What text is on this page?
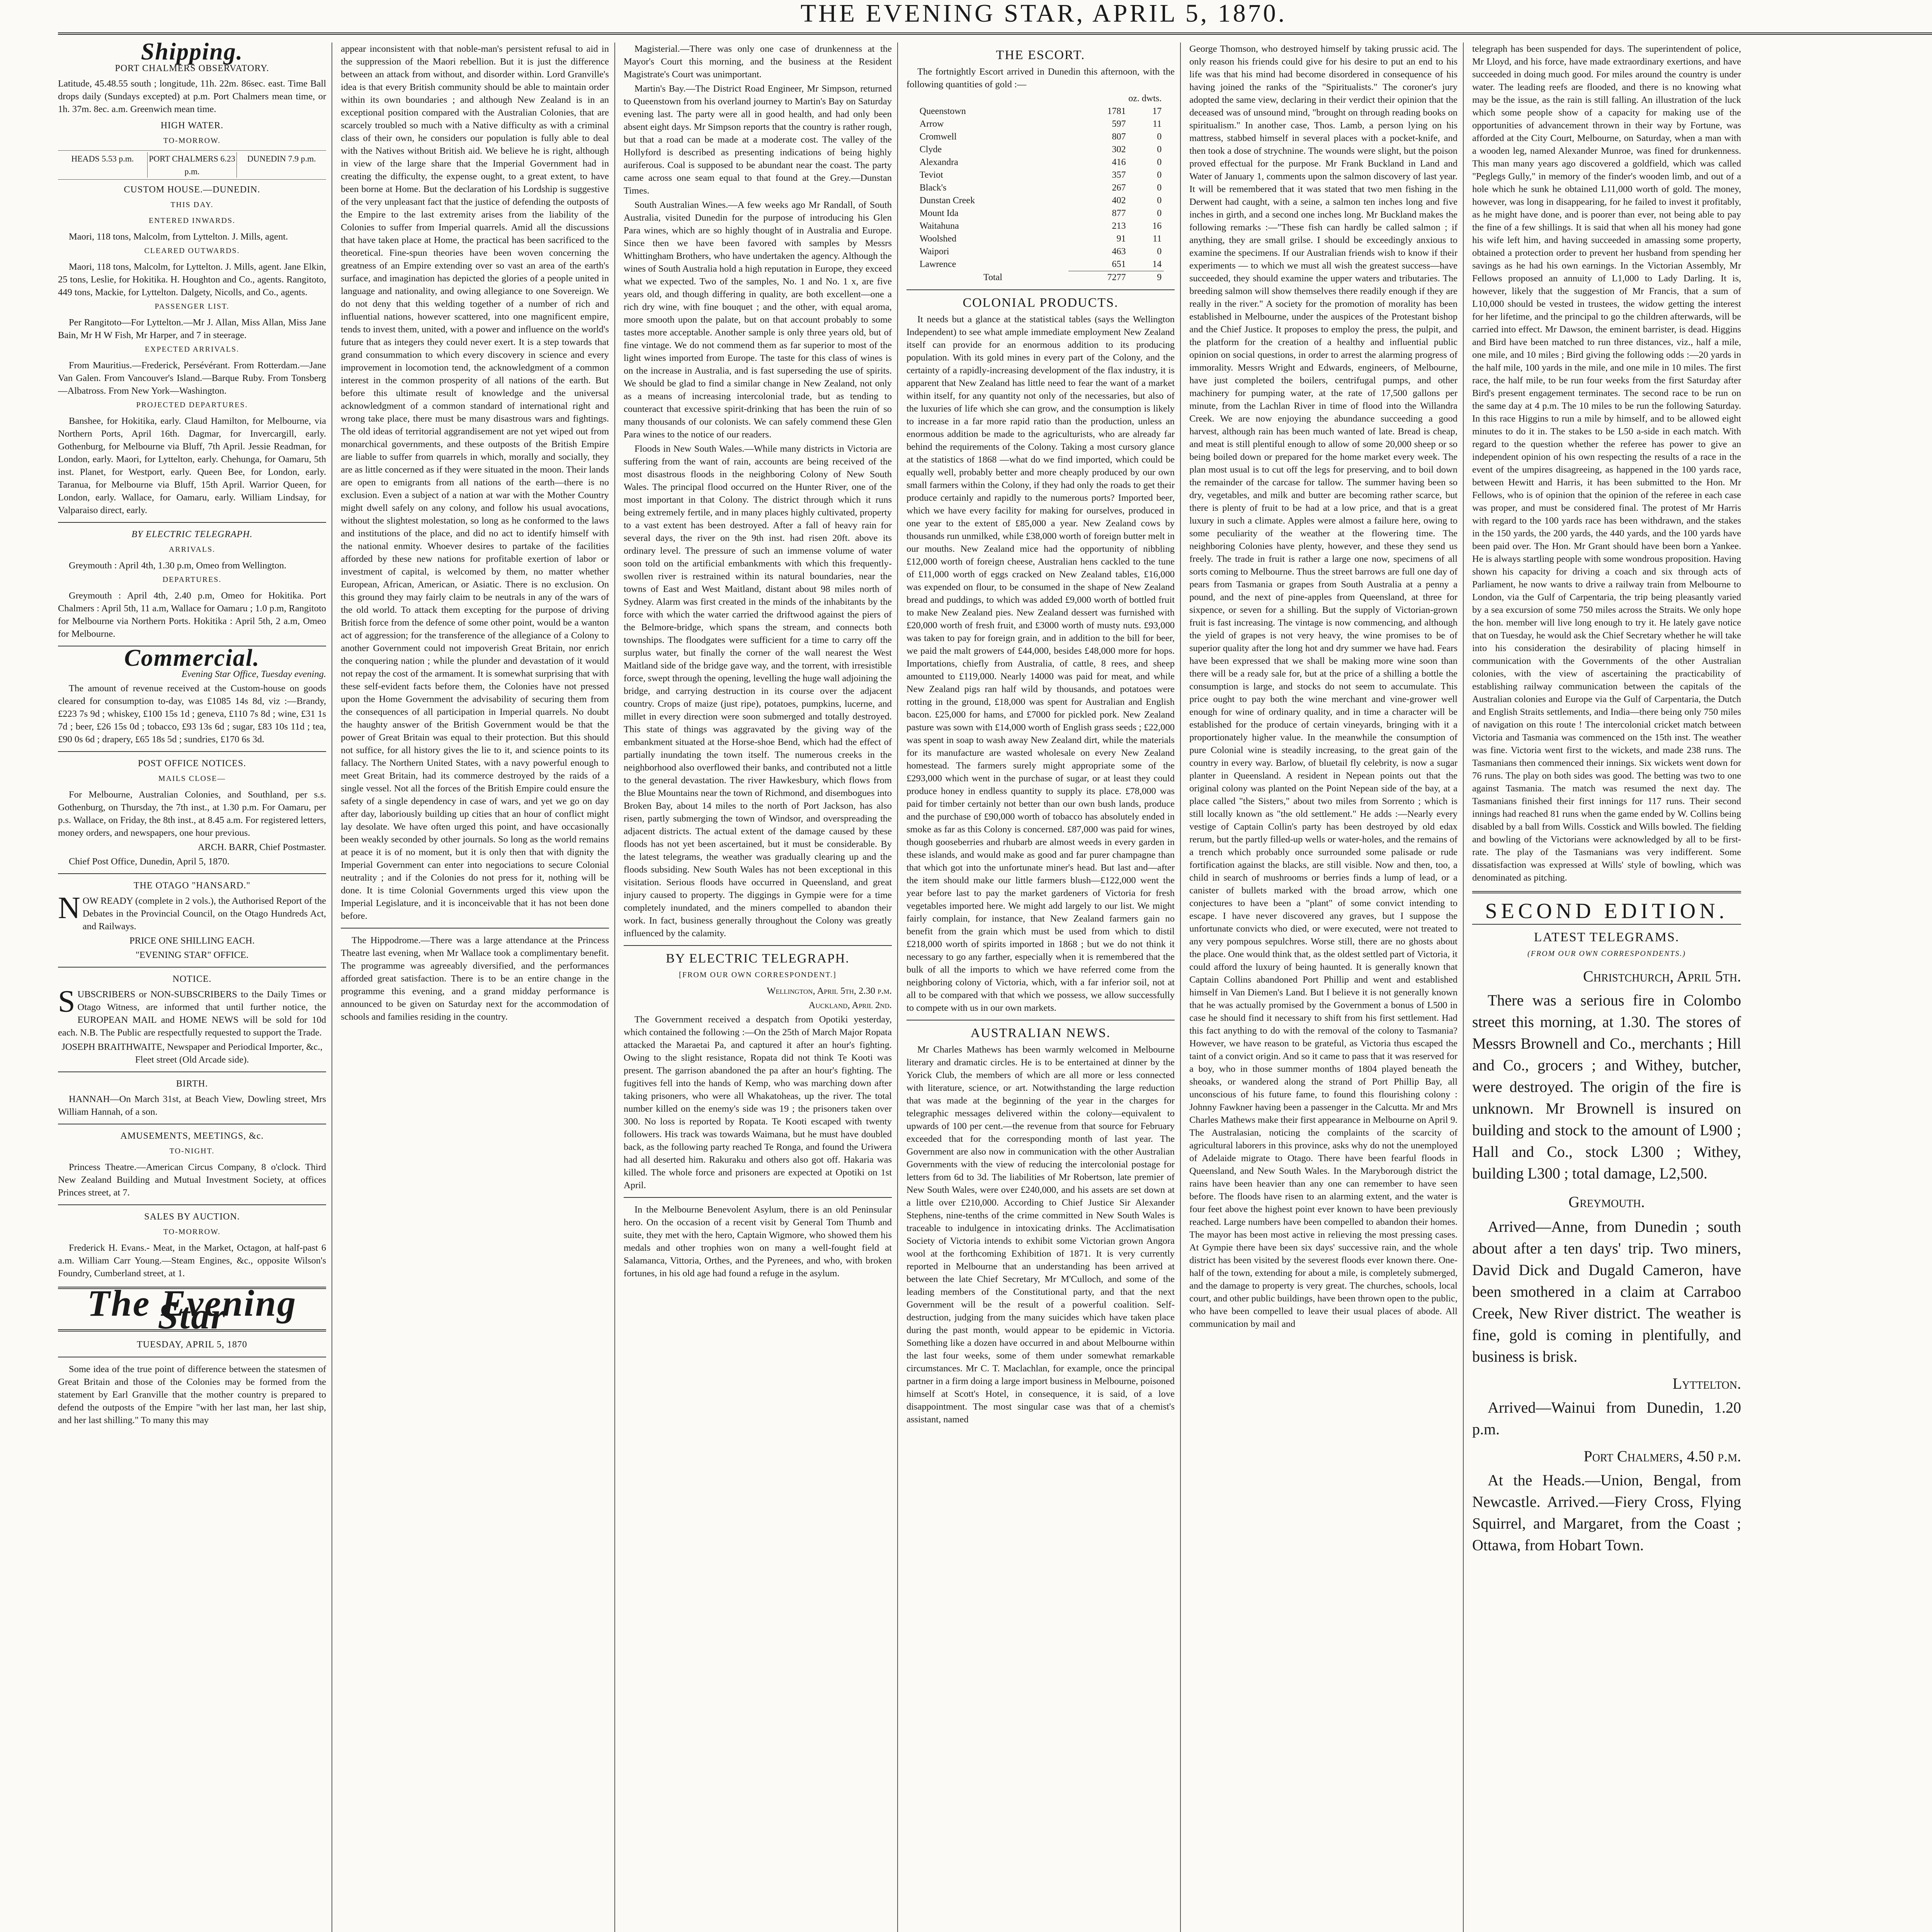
THE EVENING STAR, APRIL 5, 1870.
Shipping.
PORT CHALMERS OBSERVATORY.

Latitude, 45.48.55 south ; longitude, 11h. 22m. 86sec. east. Time Ball drops daily (Sundays excepted) at p.m. Port Chalmers mean time, or 1h. 37m. 8ec. a.m. Greenwich mean time.

HIGH WATER.
TO-MORROW.
HEADS 5.53 p.m.	PORT CHALMERS 6.23 p.m.
DUNEDIN 7.9 p.m.
CUSTOM HOUSE.—DUNEDIN.
THIS DAY.
ENTERED INWARDS.

Maori, 118 tons, Malcolm, from Lyttelton. J. Mills, agent.

CLEARED OUTWARDS.

Maori, 118 tons, Malcolm, for Lyttelton. J. Mills, agent. Jane Elkin, 25 tons, Leslie, for Hokitika. H. Houghton and Co., agents. Rangitoto, 449 tons, Mackie, for Lyttelton. Dalgety, Nicolls, and Co., agents.

PASSENGER LIST.

Per Rangitoto—For Lyttelton.—Mr J. Allan, Miss Allan, Miss Jane Bain, Mr H W Fish, Mr Harper, and 7 in steerage.

EXPECTED ARRIVALS.

From Mauritius.—Frederick, Persévérant. From Rotterdam.—Jane Van Galen. From Vancouver's Island.—Barque Ruby. From Tonsberg—Albatross. From New York—Washington.

PROJECTED DEPARTURES.

Banshee, for Hokitika, early. Claud Hamilton, for Melbourne, via Northern Ports, April 16th. Dagmar, for Invercargill, early. Gothenburg, for Melbourne via Bluff, 7th April. Jessie Readman, for London, early. Maori, for Lyttelton, early. Chehunga, for Oamaru, 5th inst. Planet, for Westport, early. Queen Bee, for London, early. Taranua, for Melbourne via Bluff, 15th April. Warrior Queen, for London, early. Wallace, for Oamaru, early. William Lindsay, for Valparaiso direct, early.

BY ELECTRIC TELEGRAPH.
ARRIVALS.

Greymouth : April 4th, 1.30 p.m, Omeo from Wellington.

DEPARTURES.

Greymouth : April 4th, 2.40 p.m, Omeo for Hokitika. Port Chalmers : April 5th, 11 a.m, Wallace for Oamaru ; 1.0 p.m, Rangitoto for Melbourne via Northern Ports. Hokitika : April 5th, 2 a.m, Omeo for Melbourne.

Commercial.

Evening Star Office, Tuesday evening.

The amount of revenue received at the Custom-house on goods cleared for consumption to-day, was £1085 14s 8d, viz :—Brandy, £223 7s 9d ; whiskey, £100 15s 1d ; geneva, £110 7s 8d ; wine, £31 1s 7d ; beer, £26 15s 0d ; tobacco, £93 13s 6d ; sugar, £83 10s 11d ; tea, £90 0s 6d ; drapery, £65 18s 5d ; sundries, £170 6s 3d.

POST OFFICE NOTICES.
MAILS CLOSE—

For Melbourne, Australian Colonies, and Southland, per s.s. Gothenburg, on Thursday, the 7th inst., at 1.30 p.m. For Oamaru, per p.s. Wallace, on Friday, the 8th inst., at 8.45 a.m. For registered letters, money orders, and newspapers, one hour previous.

ARCH. BARR, Chief Postmaster.

Chief Post Office, Dunedin, April 5, 1870.

THE OTAGO "HANSARD."

NOW READY (complete in 2 vols.), the Authorised Report of the Debates in the Provincial Council, on the Otago Hundreds Act, and Railways.

PRICE ONE SHILLING EACH.

"EVENING STAR" OFFICE.

NOTICE.

SUBSCRIBERS or NON-SUBSCRIBERS to the Daily Times or Otago Witness, are informed that until further notice, the EUROPEAN MAIL and HOME NEWS will be sold for 10d each. N.B. The Public are respectfully requested to support the Trade.

JOSEPH BRAITHWAITE, Newspaper and Periodical Importer, &c., Fleet street (Old Arcade side).

BIRTH.

HANNAH—On March 31st, at Beach View, Dowling street, Mrs William Hannah, of a son.

AMUSEMENTS, MEETINGS, &c.
TO-NIGHT.

Princess Theatre.—American Circus Company, 8 o'clock. Third New Zealand Building and Mutual Investment Society, at offices Princes street, at 7.

SALES BY AUCTION.
TO-MORROW.

Frederick H. Evans.- Meat, in the Market, Octagon, at half-past 6 a.m. William Carr Young.—Steam Engines, &c., opposite Wilson's Foundry, Cumberland street, at 1.

The Evening Star
TUESDAY, APRIL 5, 1870

Some idea of the true point of difference between the statesmen of Great Britain and those of the Colonies may be formed from the statement by Earl Granville that the mother country is prepared to defend the outposts of the Empire "with her last man, her last ship, and her last shilling." To many this may

appear inconsistent with that noble-man's persistent refusal to aid in the suppression of the Maori rebellion. But it is just the difference between an attack from without, and disorder within. Lord Granville's idea is that every British community should be able to maintain order within its own boundaries ; and although New Zealand is in an exceptional position compared with the Australian Colonies, that are scarcely troubled so much with a Native difficulty as with a criminal class of their own, he considers our population is fully able to deal with the Natives without British aid. We believe he is right, although in view of the large share that the Imperial Government had in creating the difficulty, the expense ought, to a great extent, to have been borne at Home. But the declaration of his Lordship is suggestive of the very unpleasant fact that the justice of defending the outposts of the Empire to the last extremity arises from the liability of the Colonies to suffer from Imperial quarrels. Amid all the discussions that have taken place at Home, the practical has been sacrificed to the theoretical. Fine-spun theories have been woven concerning the greatness of an Empire extending over so vast an area of the earth's surface, and imagination has depicted the glories of a people united in language and nationality, and owing allegiance to one Sovereign. We do not deny that this welding together of a number of rich and influential nations, however scattered, into one magnificent empire, tends to invest them, united, with a power and influence on the world's future that as integers they could never exert. It is a step towards that grand consummation to which every discovery in science and every improvement in locomotion tend, the acknowledgment of a common interest in the common prosperity of all nations of the earth. But before this ultimate result of knowledge and the universal acknowledgment of a common standard of international right and wrong take place, there must be many disastrous wars and fightings. The old ideas of territorial aggrandisement are not yet wiped out from monarchical governments, and these outposts of the British Empire are liable to suffer from quarrels in which, morally and socially, they are as little concerned as if they were situated in the moon. Their lands are open to emigrants from all nations of the earth—there is no exclusion. Even a subject of a nation at war with the Mother Country might dwell safely on any colony, and follow his usual avocations, without the slightest molestation, so long as he conformed to the laws and institutions of the place, and did no act to identify himself with the national enmity. Whoever desires to partake of the facilities afforded by these new nations for profitable exertion of labor or investment of capital, is welcomed by them, no matter whether European, African, American, or Asiatic. There is no exclusion. On this ground they may fairly claim to be neutrals in any of the wars of the old world. To attack them excepting for the purpose of driving British force from the defence of some other point, would be a wanton act of aggression; for the transference of the allegiance of a Colony to another Government could not impoverish Great Britain, nor enrich the conquering nation ; while the plunder and devastation of it would not repay the cost of the armament. It is somewhat surprising that with these self-evident facts before them, the Colonies have not pressed upon the Home Government the advisability of securing them from the consequences of all participation in Imperial quarrels. No doubt the haughty answer of the British Government would be that the power of Great Britain was equal to their protection. But this should not suffice, for all history gives the lie to it, and science points to its fallacy. The Northern United States, with a navy powerful enough to meet Great Britain, had its commerce destroyed by the raids of a single vessel. Not all the forces of the British Empire could ensure the safety of a single dependency in case of wars, and yet we go on day after day, laboriously building up cities that an hour of conflict might lay desolate. We have often urged this point, and have occasionally been weakly seconded by other journals. So long as the world remains at peace it is of no moment, but it is only then that with dignity the Imperial Government can enter into negociations to secure Colonial neutrality ; and if the Colonies do not press for it, nothing will be done. It is time Colonial Governments urged this view upon the Imperial Legislature, and it is inconceivable that it has not been done before.

The Hippodrome.—There was a large attendance at the Princess Theatre last evening, when Mr Wallace took a complimentary benefit. The programme was agreeably diversified, and the performances afforded great satisfaction. There is to be an entire change in the programme this evening, and a grand midday performance is announced to be given on Saturday next for the accommodation of schools and families residing in the country.

Magisterial.—There was only one case of drunkenness at the Mayor's Court this morning, and the business at the Resident Magistrate's Court was unimportant.

Martin's Bay.—The District Road Engineer, Mr Simpson, returned to Queenstown from his overland journey to Martin's Bay on Saturday evening last. The party were all in good health, and had only been absent eight days. Mr Simpson reports that the country is rather rough, but that a road can be made at a moderate cost. The valley of the Hollyford is described as presenting indications of being highly auriferous. Coal is supposed to be abundant near the coast. The party came across one seam equal to that found at the Grey.—Dunstan Times.

South Australian Wines.—A few weeks ago Mr Randall, of South Australia, visited Dunedin for the purpose of introducing his Glen Para wines, which are so highly thought of in Australia and Europe. Since then we have been favored with samples by Messrs Whittingham Brothers, who have undertaken the agency. Although the wines of South Australia hold a high reputation in Europe, they exceed what we expected. Two of the samples, No. 1 and No. 1 x, are five years old, and though differing in quality, are both excellent—one a rich dry wine, with fine bouquet ; and the other, with equal aroma, more smooth upon the palate, but on that account probably to some tastes more acceptable. Another sample is only three years old, but of fine vintage. We do not commend them as far superior to most of the light wines imported from Europe. The taste for this class of wines is on the increase in Australia, and is fast superseding the use of spirits. We should be glad to find a similar change in New Zealand, not only as a means of increasing intercolonial trade, but as tending to counteract that excessive spirit-drinking that has been the ruin of so many thousands of our colonists. We can safely commend these Glen Para wines to the notice of our readers.

Floods in New South Wales.—While many districts in Victoria are suffering from the want of rain, accounts are being received of the most disastrous floods in the neighboring Colony of New South Wales. The principal flood occurred on the Hunter River, one of the most important in that Colony. The district through which it runs being extremely fertile, and in many places highly cultivated, property to a vast extent has been destroyed. After a fall of heavy rain for several days, the river on the 9th inst. had risen 20ft. above its ordinary level. The pressure of such an immense volume of water soon told on the artificial embankments with which this frequently-swollen river is restrained within its natural boundaries, near the towns of East and West Maitland, distant about 98 miles north of Sydney. Alarm was first created in the minds of the inhabitants by the force with which the water carried the driftwood against the piers of the Belmore-bridge, which spans the stream, and connects both townships. The floodgates were sufficient for a time to carry off the surplus water, but finally the corner of the wall nearest the West Maitland side of the bridge gave way, and the torrent, with irresistible force, swept through the opening, levelling the huge wall adjoining the bridge, and carrying destruction in its course over the adjacent country. Crops of maize (just ripe), potatoes, pumpkins, lucerne, and millet in every direction were soon submerged and totally destroyed. This state of things was aggravated by the giving way of the embankment situated at the Horse-shoe Bend, which had the effect of partially inundating the town itself. The numerous creeks in the neighborhood also overflowed their banks, and contributed not a little to the general devastation. The river Hawkesbury, which flows from the Blue Mountains near the town of Richmond, and disembogues into Broken Bay, about 14 miles to the north of Port Jackson, has also risen, partly submerging the town of Windsor, and overspreading the adjacent districts. The actual extent of the damage caused by these floods has not yet been ascertained, but it must be considerable. By the latest telegrams, the weather was gradually clearing up and the floods subsiding. New South Wales has not been exceptional in this visitation. Serious floods have occurred in Queensland, and great injury caused to property. The diggings in Gympie were for a time completely inundated, and the miners compelled to abandon their work. In fact, business generally throughout the Colony was greatly influenced by the calamity.

BY ELECTRIC TELEGRAPH.
[FROM OUR OWN CORRESPONDENT.]

Wellington, April 5th, 2.30 p.m.

Auckland, April 2nd.

The Government received a despatch from Opotiki yesterday, which contained the following :—On the 25th of March Major Ropata attacked the Maraetai Pa, and captured it after an hour's fighting. Owing to the slight resistance, Ropata did not think Te Kooti was present. The garrison abandoned the pa after an hour's fighting. The fugitives fell into the hands of Kemp, who was marching down after taking prisoners, who were all Whakatoheas, up the river. The total number killed on the enemy's side was 19 ; the prisoners taken over 300. No loss is reported by Ropata. Te Kooti escaped with twenty followers. His track was towards Waimana, but he must have doubled back, as the following party reached Te Ronga, and found the Uriwera had all deserted him. Rakuraku and others also got off. Hakaria was killed. The whole force and prisoners are expected at Opotiki on 1st April.

In the Melbourne Benevolent Asylum, there is an old Peninsular hero. On the occasion of a recent visit by General Tom Thumb and suite, they met with the hero, Captain Wigmore, who showed them his medals and other trophies won on many a well-fought field at Salamanca, Vittoria, Orthes, and the Pyrenees, and who, with broken fortunes, in his old age had found a refuge in the asylum.

THE ESCORT.

The fortnightly Escort arrived in Dunedin this afternoon, with the following quantities of gold :—

	oz. dwts.	
Queenstown	1781	17
Arrow	597	11
Cromwell	807	0
Clyde	302	0
Alexandra	416	0
Teviot	357	0
Black's	267	0
Dunstan Creek	402	0
Mount Ida	877	0
Waitahuna	213	16
Woolshed	91	11
Waipori	463	0
Lawrence	651	14
Total	7277	9
COLONIAL PRODUCTS.

It needs but a glance at the statistical tables (says the Wellington Independent) to see what ample immediate employment New Zealand itself can provide for an enormous addition to its producing population. With its gold mines in every part of the Colony, and the certainty of a rapidly-increasing development of the flax industry, it is apparent that New Zealand has little need to fear the want of a market within itself, for any quantity not only of the necessaries, but also of the luxuries of life which she can grow, and the consumption is likely to increase in a far more rapid ratio than the production, unless an enormous addition be made to the agriculturists, who are already far behind the requirements of the Colony. Taking a most cursory glance at the statistics of 1868 —what do we find imported, which could be equally well, probably better and more cheaply produced by our own small farmers within the Colony, if they had only the roads to get their produce certainly and rapidly to the numerous ports? Imported beer, which we have every facility for making for ourselves, produced in one year to the extent of £85,000 a year. New Zealand cows by thousands run unmilked, while £38,000 worth of foreign butter melt in our mouths. New Zealand mice had the opportunity of nibbling £12,000 worth of foreign cheese, Australian hens cackled to the tune of £11,000 worth of eggs cracked on New Zealand tables, £16,000 was expended on flour, to be consumed in the shape of New Zealand bread and puddings, to which was added £9,000 worth of bottled fruit to make New Zealand pies. New Zealand dessert was furnished with £20,000 worth of fresh fruit, and £3000 worth of musty nuts. £93,000 was taken to pay for foreign grain, and in addition to the bill for beer, we paid the malt growers of £44,000, besides £48,000 more for hops. Importations, chiefly from Australia, of cattle, 8 rees, and sheep amounted to £119,000. Nearly 14000 was paid for meat, and while New Zealand pigs ran half wild by thousands, and potatoes were rotting in the ground, £18,000 was spent for Australian and English bacon. £25,000 for hams, and £7000 for pickled pork. New Zealand pasture was sown with £14,000 worth of English grass seeds ; £22,000 was spent in soap to wash away New Zealand dirt, while the materials for its manufacture are wasted wholesale on every New Zealand homestead. The farmers surely might appropriate some of the £293,000 which went in the purchase of sugar, or at least they could produce honey in endless quantity to supply its place. £78,000 was paid for timber certainly not better than our own bush lands, produce and the purchase of £90,000 worth of tobacco has absolutely ended in smoke as far as this Colony is concerned. £87,000 was paid for wines, though gooseberries and rhubarb are almost weeds in every garden in these islands, and would make as good and far purer champagne than that which got into the unfortunate miner's head. But last and—after the item should make our little farmers blush—£122,000 went the year before last to pay the market gardeners of Victoria for fresh vegetables imported here. We might add largely to our list. We might fairly complain, for instance, that New Zealand farmers gain no benefit from the grain which must be used from which to distil £218,000 worth of spirits imported in 1868 ; but we do not think it necessary to go any farther, especially when it is remembered that the bulk of all the imports to which we have referred come from the neighboring colony of Victoria, which, with a far inferior soil, not at all to be compared with that which we possess, we allow successfully to compete with us in our own markets.

AUSTRALIAN NEWS.

Mr Charles Mathews has been warmly welcomed in Melbourne literary and dramatic circles. He is to be entertained at dinner by the Yorick Club, the members of which are all more or less connected with literature, science, or art. Notwithstanding the large reduction that was made at the beginning of the year in the charges for telegraphic messages delivered within the colony—equivalent to upwards of 100 per cent.—the revenue from that source for February exceeded that for the corresponding month of last year. The Government are also now in communication with the other Australian Governments with the view of reducing the intercolonial postage for letters from 6d to 3d. The liabilities of Mr Robertson, late premier of New South Wales, were over £240,000, and his assets are set down at a little over £210,000. According to Chief Justice Sir Alexander Stephens, nine-tenths of the crime committed in New South Wales is traceable to indulgence in intoxicating drinks. The Acclimatisation Society of Victoria intends to exhibit some Victorian grown Angora wool at the forthcoming Exhibition of 1871. It is very currently reported in Melbourne that an understanding has been arrived at between the late Chief Secretary, Mr M'Culloch, and some of the leading members of the Constitutional party, and that the next Government will be the result of a powerful coalition. Self-destruction, judging from the many suicides which have taken place during the past month, would appear to be epidemic in Victoria. Something like a dozen have occurred in and about Melbourne within the last four weeks, some of them under somewhat remarkable circumstances. Mr C. T. Maclachlan, for example, once the principal partner in a firm doing a large import business in Melbourne, poisoned himself at Scott's Hotel, in consequence, it is said, of a love disappointment. The most singular case was that of a chemist's assistant, named

George Thomson, who destroyed himself by taking prussic acid. The only reason his friends could give for his desire to put an end to his life was that his mind had become disordered in consequence of his having joined the ranks of the "Spiritualists." The coroner's jury adopted the same view, declaring in their verdict their opinion that the deceased was of unsound mind, "brought on through reading books on spiritualism." In another case, Thos. Lamb, a person lying on his mattress, stabbed himself in several places with a pocket-knife, and then took a dose of strychnine. The wounds were slight, but the poison proved effectual for the purpose. Mr Frank Buckland in Land and Water of January 1, comments upon the salmon discovery of last year. It will be remembered that it was stated that two men fishing in the Derwent had caught, with a seine, a salmon ten inches long and five inches in girth, and a second one inches long. Mr Buckland makes the following remarks :—"These fish can hardly be called salmon ; if anything, they are small grilse. I should be exceedingly anxious to examine the specimens. If our Australian friends wish to know if their experiments — to which we must all wish the greatest success—have succeeded, they should examine the upper waters and tributaries. The breeding salmon will show themselves there readily enough if they are really in the river." A society for the promotion of morality has been established in Melbourne, under the auspices of the Protestant bishop and the Chief Justice. It proposes to employ the press, the pulpit, and the platform for the creation of a healthy and influential public opinion on social questions, in order to arrest the alarming progress of immorality. Messrs Wright and Edwards, engineers, of Melbourne, have just completed the boilers, centrifugal pumps, and other machinery for pumping water, at the rate of 17,500 gallons per minute, from the Lachlan River in time of flood into the Willandra Creek. We are now enjoying the abundance succeeding a good harvest, although rain has been much wanted of late. Bread is cheap, and meat is still plentiful enough to allow of some 20,000 sheep or so being boiled down or prepared for the home market every week. The plan most usual is to cut off the legs for preserving, and to boil down the remainder of the carcase for tallow. The summer having been so dry, vegetables, and milk and butter are becoming rather scarce, but there is plenty of fruit to be had at a low price, and that is a great luxury in such a climate. Apples were almost a failure here, owing to some peculiarity of the weather at the flowering time. The neighboring Colonies have plenty, however, and these they send us freely. The trade in fruit is rather a large one now, specimens of all sorts coming to Melbourne. Thus the street barrows are full one day of pears from Tasmania or grapes from South Australia at a penny a pound, and the next of pine-apples from Queensland, at three for sixpence, or seven for a shilling. But the supply of Victorian-grown fruit is fast increasing. The vintage is now commencing, and although the yield of grapes is not very heavy, the wine promises to be of superior quality after the long hot and dry summer we have had. Fears have been expressed that we shall be making more wine soon than there will be a ready sale for, but at the price of a shilling a bottle the consumption is large, and stocks do not seem to accumulate. This price ought to pay both the wine merchant and vine-grower well enough for wine of ordinary quality, and in time a character will be established for the produce of certain vineyards, bringing with it a proportionately higher value. In the meanwhile the consumption of pure Colonial wine is steadily increasing, to the great gain of the country in every way. Barlow, of bluetail fly celebrity, is now a sugar planter in Queensland. A resident in Nepean points out that the original colony was planted on the Point Nepean side of the bay, at a place called "the Sisters," about two miles from Sorrento ; which is still locally known as "the old settlement." He adds :—Nearly every vestige of Captain Collin's party has been destroyed by old edax rerum, but the partly filled-up wells or water-holes, and the remains of a trench which probably once surrounded some palisade or rude fortification against the blacks, are still visible. Now and then, too, a child in search of mushrooms or berries finds a lump of lead, or a canister of bullets marked with the broad arrow, which one conjectures to have been a "plant" of some convict intending to escape. I have never discovered any graves, but I suppose the unfortunate convicts who died, or were executed, were not treated to any very pompous sepulchres. Worse still, there are no ghosts about the place. One would think that, as the oldest settled part of Victoria, it could afford the luxury of being haunted. It is generally known that Captain Collins abandoned Port Phillip and went and established himself in Van Diemen's Land. But I believe it is not generally known that he was actually promised by the Government a bonus of L500 in case he should find it necessary to shift from his first settlement. Had this fact anything to do with the removal of the colony to Tasmania? However, we have reason to be grateful, as Victoria thus escaped the taint of a convict origin. And so it came to pass that it was reserved for a boy, who in those summer months of 1804 played beneath the sheoaks, or wandered along the strand of Port Phillip Bay, all unconscious of his future fame, to found this flourishing colony : Johnny Fawkner having been a passenger in the Calcutta. Mr and Mrs Charles Mathews make their first appearance in Melbourne on April 9. The Australasian, noticing the complaints of the scarcity of agricultural laborers in this province, asks why do not the unemployed of Adelaide migrate to Otago. There have been fearful floods in Queensland, and New South Wales. In the Maryborough district the rains have been heavier than any one can remember to have seen before. The floods have risen to an alarming extent, and the water is four feet above the highest point ever known to have been previously reached. Large numbers have been compelled to abandon their homes. The mayor has been most active in relieving the most pressing cases. At Gympie there have been six days' successive rain, and the whole district has been visited by the severest floods ever known there. One-half of the town, extending for about a mile, is completely submerged, and the damage to property is very great. The churches, schools, local court, and other public buildings, have been thrown open to the public, who have been compelled to leave their usual places of abode. All communication by mail and

telegraph has been suspended for days. The superintendent of police, Mr Lloyd, and his force, have made extraordinary exertions, and have succeeded in doing much good. For miles around the country is under water. The leading reefs are flooded, and there is no knowing what may be the issue, as the rain is still falling. An illustration of the luck which some people show of a capacity for making use of the opportunities of advancement thrown in their way by Fortune, was afforded at the City Court, Melbourne, on Saturday, when a man with a wooden leg, named Alexander Munroe, was fined for drunkenness. This man many years ago discovered a goldfield, which was called "Peglegs Gully," in memory of the finder's wooden limb, and out of a hole which he sunk he obtained L11,000 worth of gold. The money, however, was long in disappearing, for he failed to invest it profitably, as he might have done, and is poorer than ever, not being able to pay the fine of a few shillings. It is said that when all his money had gone his wife left him, and having succeeded in amassing some property, obtained a protection order to prevent her husband from spending her savings as he had his own earnings. In the Victorian Assembly, Mr Fellows proposed an annuity of L1,000 to Lady Darling. It is, however, likely that the suggestion of Mr Francis, that a sum of L10,000 should be vested in trustees, the widow getting the interest for her lifetime, and the principal to go the children afterwards, will be carried into effect. Mr Dawson, the eminent barrister, is dead. Higgins and Bird have been matched to run three distances, viz., half a mile, one mile, and 10 miles ; Bird giving the following odds :—20 yards in the half mile, 100 yards in the mile, and one mile in 10 miles. The first race, the half mile, to be run four weeks from the first Saturday after Bird's present engagement terminates. The second race to be run on the same day at 4 p.m. The 10 miles to be run the following Saturday. In this race Higgins to run a mile by himself, and to be allowed eight minutes to do it in. The stakes to be L50 a-side in each match. With regard to the question whether the referee has power to give an independent opinion of his own respecting the results of a race in the event of the umpires disagreeing, as happened in the 100 yards race, between Hewitt and Harris, it has been submitted to the Hon. Mr Fellows, who is of opinion that the opinion of the referee in each case was proper, and must be considered final. The protest of Mr Harris with regard to the 100 yards race has been withdrawn, and the stakes in the 150 yards, the 200 yards, the 440 yards, and the 100 yards have been paid over. The Hon. Mr Grant should have been born a Yankee. He is always startling people with some wondrous proposition. Having shown his capacity for driving a coach and six through acts of Parliament, he now wants to drive a railway train from Melbourne to London, via the Gulf of Carpentaria, the trip being pleasantly varied by a sea excursion of some 750 miles across the Straits. We only hope the hon. member will live long enough to try it. He lately gave notice that on Tuesday, he would ask the Chief Secretary whether he will take into his consideration the desirability of placing himself in communication with the Governments of the other Australian colonies, with the view of ascertaining the practicability of establishing railway communication between the capitals of the Australian colonies and Europe via the Gulf of Carpentaria, the Dutch and English Straits settlements, and India—there being only 750 miles of navigation on this route ! The intercolonial cricket match between Victoria and Tasmania was commenced on the 15th inst. The weather was fine. Victoria went first to the wickets, and made 238 runs. The Tasmanians then commenced their innings. Six wickets went down for 76 runs. The play on both sides was good. The betting was two to one against Tasmania. The match was resumed the next day. The Tasmanians finished their first innings for 117 runs. Their second innings had reached 81 runs when the game ended by W. Collins being disabled by a ball from Wills. Cosstick and Wills bowled. The fielding and bowling of the Victorians were acknowledged by all to be first-rate. The play of the Tasmanians was very indifferent. Some dissatisfaction was expressed at Wills' style of bowling, which was denominated as pitching.

SECOND EDITION.
LATEST TELEGRAMS.
(FROM OUR OWN CORRESPONDENTS.)

Christchurch, April 5th.

There was a serious fire in Colombo street this morning, at 1.30. The stores of Messrs Brownell and Co., merchants ; Hill and Co., grocers ; and Withey, butcher, were destroyed. The origin of the fire is unknown. Mr Brownell is insured on building and stock to the amount of L900 ; Hall and Co., stock L300 ; Withey, building L300 ; total damage, L2,500.

Greymouth.

Arrived—Anne, from Dunedin ; south about after a ten days' trip. Two miners, David Dick and Dugald Cameron, have been smothered in a claim at Carraboo Creek, New River district. The weather is fine, gold is coming in plentifully, and business is brisk.

Lyttelton.

Arrived—Wainui from Dunedin, 1.20 p.m.

Port Chalmers, 4.50 p.m.

At the Heads.—Union, Bengal, from Newcastle. Arrived.—Fiery Cross, Flying Squirrel, and Margaret, from the Coast ; Ottawa, from Hobart Town.
